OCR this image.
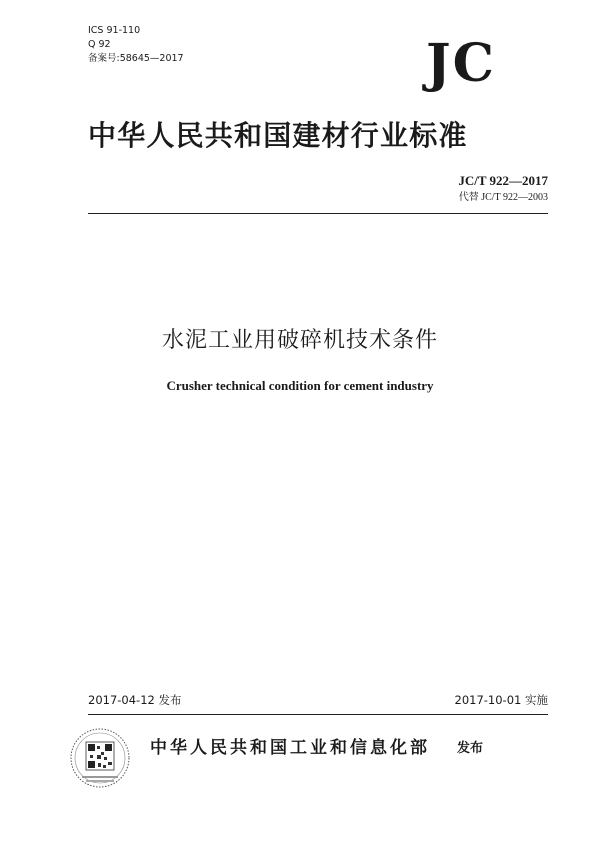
ICS 91-110
Q 92
备案号:58645—2017	JC
中华人民共和国建材行业标准
JC/T 922—2017
代替 JC/T 922—2003
水泥工业用破碎机技术条件
Crusher technical condition for cement industry
2017-04-12 发布	2017-10-01 实施
中华人民共和国工业和信息化部 发布
